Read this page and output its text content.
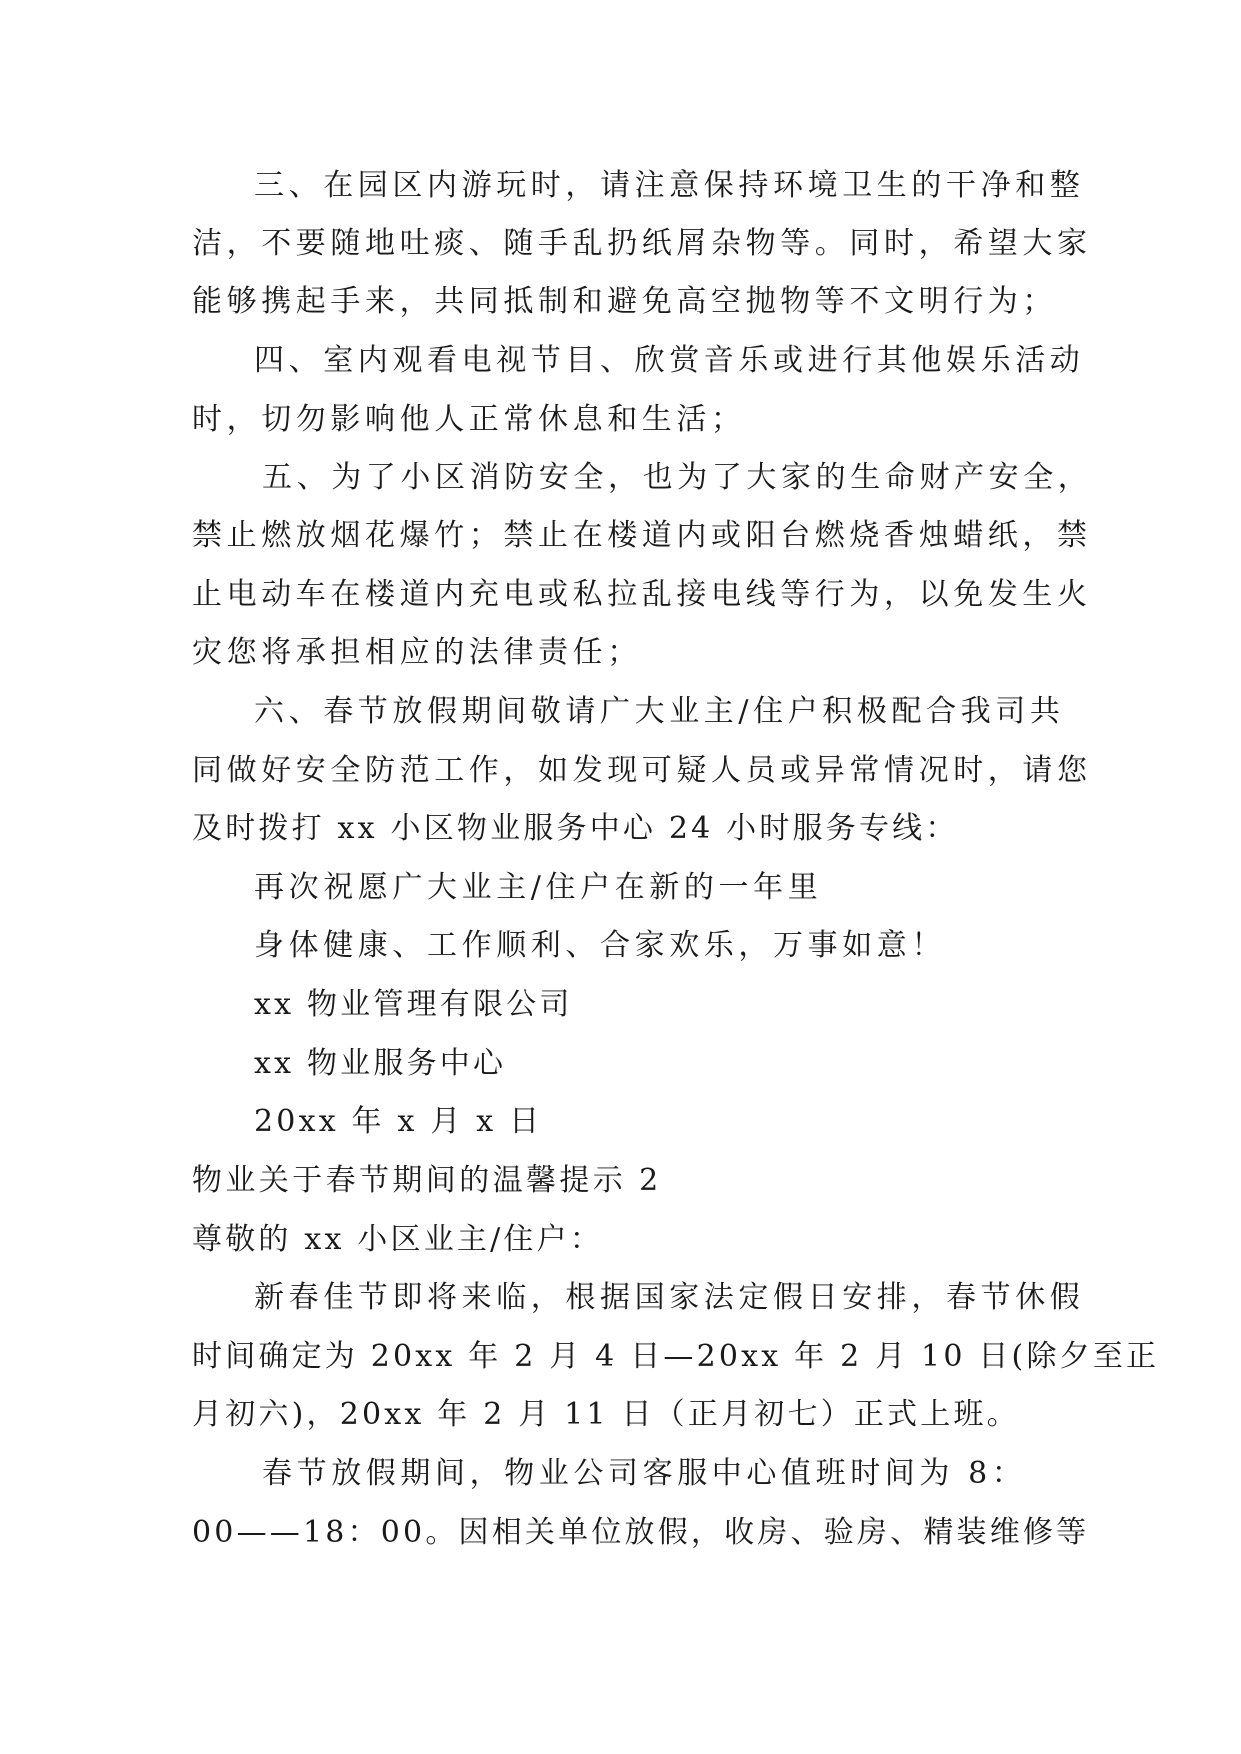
三、在园区内游玩时，请注意保持环境卫生的干净和整
洁，不要随地吐痰、随手乱扔纸屑杂物等。同时，希望大家
能够携起手来，共同抵制和避免高空抛物等不文明行为；
四、室内观看电视节目、欣赏音乐或进行其他娱乐活动
时，切勿影响他人正常休息和生活；
五、为了小区消防安全，也为了大家的生命财产安全，
禁止燃放烟花爆竹；禁止在楼道内或阳台燃烧香烛蜡纸，禁
止电动车在楼道内充电或私拉乱接电线等行为，以免发生火
灾您将承担相应的法律责任；
六、春节放假期间敬请广大业主/住户积极配合我司共
同做好安全防范工作，如发现可疑人员或异常情况时，请您
及时拨打 xx 小区物业服务中心 24 小时服务专线：
再次祝愿广大业主/住户在新的一年里
身体健康、工作顺利、合家欢乐，万事如意！
xx 物业管理有限公司
xx 物业服务中心
20xx 年 x 月 x 日
物业关于春节期间的温馨提示 2
尊敬的 xx 小区业主/住户：
新春佳节即将来临，根据国家法定假日安排，春节休假
时间确定为 20xx 年 2 月 4 日—20xx 年 2 月 10 日(除夕至正
月初六)，20xx 年 2 月 11 日（正月初七）正式上班。
春节放假期间，物业公司客服中心值班时间为 8：
00——18：00。因相关单位放假，收房、验房、精装维修等
